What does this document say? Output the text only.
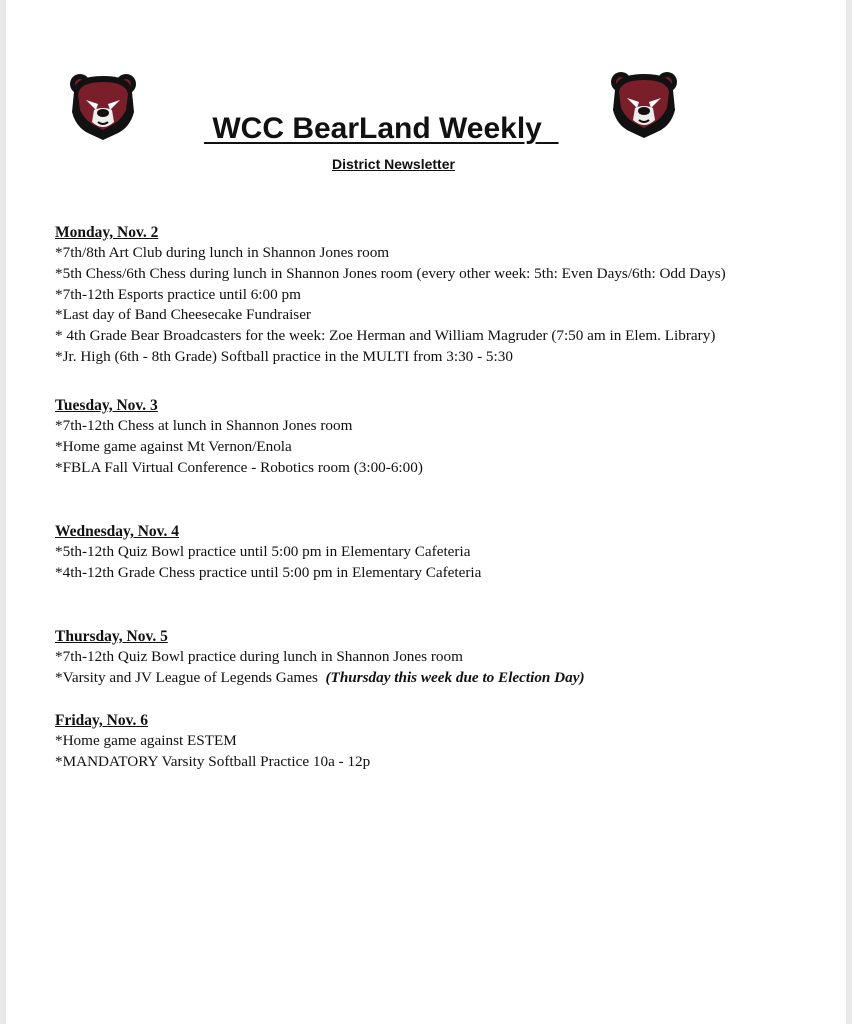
WCC BearLand Weekly
District Newsletter
Monday, Nov. 2
*7th/8th Art Club during lunch in Shannon Jones room
*5th Chess/6th Chess during lunch in Shannon Jones room (every other week: 5th: Even Days/6th: Odd Days)
*7th-12th Esports practice until 6:00 pm
*Last day of Band Cheesecake Fundraiser
* 4th Grade Bear Broadcasters for the week: Zoe Herman and William Magruder (7:50 am in Elem. Library)
*Jr. High (6th - 8th Grade) Softball practice in the MULTI from 3:30 - 5:30
Tuesday, Nov. 3
*7th-12th Chess at lunch in Shannon Jones room
*Home game against Mt Vernon/Enola
*FBLA Fall Virtual Conference - Robotics room (3:00-6:00)
Wednesday, Nov. 4
*5th-12th Quiz Bowl practice until 5:00 pm in Elementary Cafeteria
*4th-12th Grade Chess practice until 5:00 pm in Elementary Cafeteria
Thursday, Nov. 5
*7th-12th Quiz Bowl practice during lunch in Shannon Jones room
*Varsity and JV League of Legends Games  (Thursday this week due to Election Day)
Friday, Nov. 6
*Home game against ESTEM
*MANDATORY Varsity Softball Practice 10a - 12p
